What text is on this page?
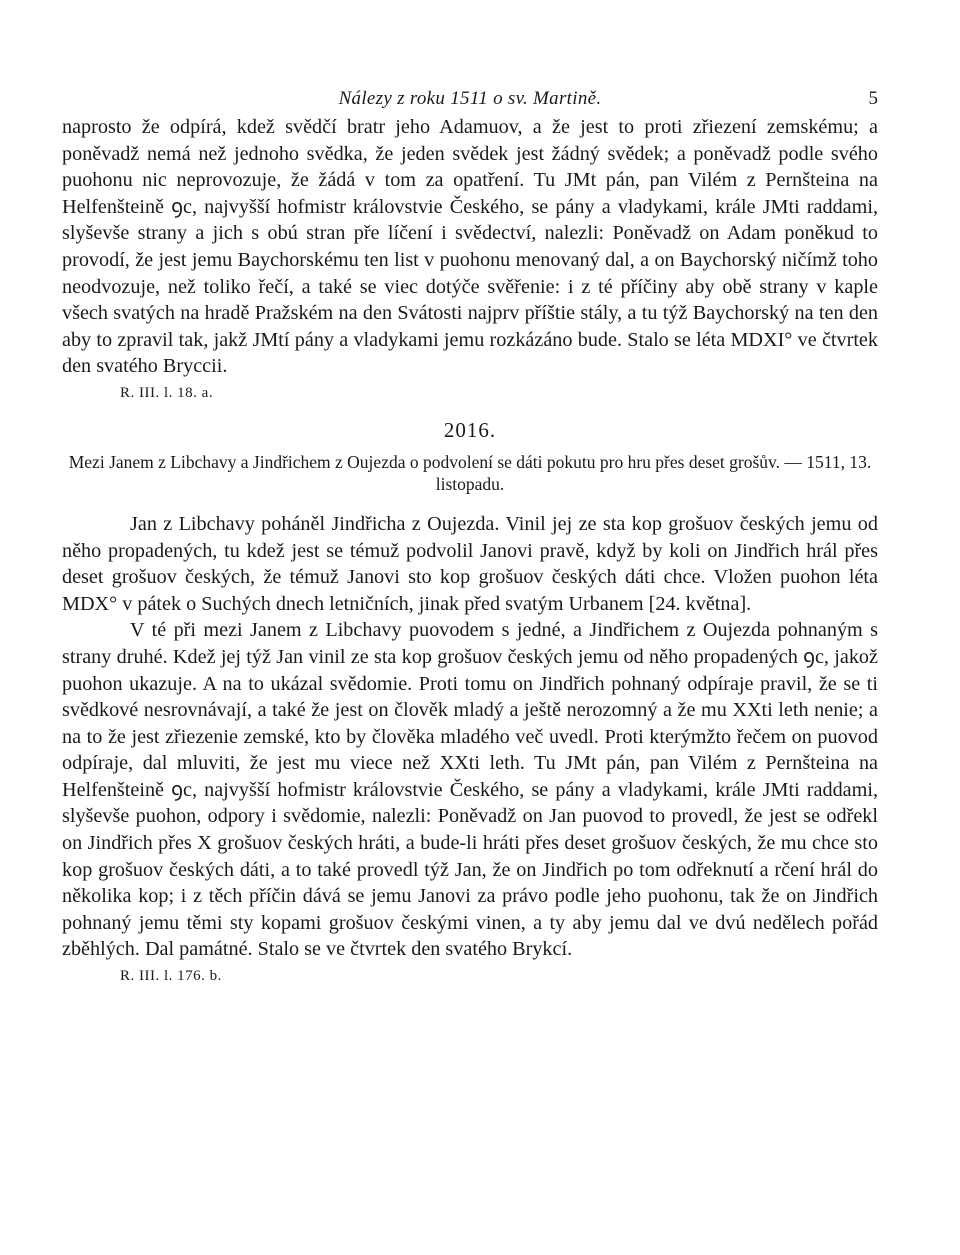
Nálezy z roku 1511 o sv. Martině.	5

naprosto že odpírá, kdež svědčí bratr jeho Adamuov, a že jest to proti zřiezení zemskému; a poněvadž nemá než jednoho svědka, že jeden svědek jest žádný svědek; a poněvadž podle svého puohonu nic neprovozuje, že žádá v tom za opatření. Tu JMt pán, pan Vilém z Pernšteina na Helfenšteině ꝯc, najvyšší hofmistr královstvie Českého, se pány a vladykami, krále JMti raddami, slyševše strany a jich s obú stran pře líčení i svědectví, nalezli: Poněvadž on Adam poněkud to provodí, že jest jemu Baychorskému ten list v puohonu menovaný dal, a on Baychorský ničímž toho neodvozuje, než toliko řečí, a také se viec dotýče svěřenie: i z té příčiny aby obě strany v kaple všech svatých na hradě Pražském na den Svátosti najprv příštie stály, a tu týž Baychorský na ten den aby to zpravil tak, jakž JMtí pány a vladykami jemu rozkázáno bude. Stalo se léta MDXI° ve čtvrtek den svatého Bryccii.

R. III. l. 18. a.
2016.
Mezi Janem z Libchavy a Jindřichem z Oujezda o podvolení se dáti pokutu pro hru přes deset grošův. — 1511, 13. listopadu.

Jan z Libchavy poháněl Jindřicha z Oujezda. Vinil jej ze sta kop grošuov českých jemu od něho propadených, tu kdež jest se témuž podvolil Janovi pravě, když by koli on Jindřich hrál přes deset grošuov českých, že témuž Janovi sto kop grošuov českých dáti chce. Vložen puohon léta MDX° v pátek o Suchých dnech letničních, jinak před svatým Urbanem [24. května].

V té při mezi Janem z Libchavy puovodem s jedné, a Jindřichem z Oujezda pohnaným s strany druhé. Kdež jej týž Jan vinil ze sta kop grošuov českých jemu od něho propadených ꝯc, jakož puohon ukazuje. A na to ukázal svědomie. Proti tomu on Jindřich pohnaný odpíraje pravil, že se ti svědkové nesrovnávají, a také že jest on člověk mladý a ještě nerozomný a že mu XXti leth nenie; a na to že jest zřiezenie zemské, kto by člověka mladého več uvedl. Proti kterýmžto řečem on puovod odpíraje, dal mluviti, že jest mu viece než XXti leth. Tu JMt pán, pan Vilém z Pernšteina na Helfenšteině ꝯc, najvyšší hofmistr královstvie Českého, se pány a vladykami, krále JMti raddami, slyševše puohon, odpory i svědomie, nalezli: Poněvadž on Jan puovod to provedl, že jest se odřekl on Jindřich přes X grošuov českých hráti, a bude-li hráti přes deset grošuov českých, že mu chce sto kop grošuov českých dáti, a to také provedl týž Jan, že on Jindřich po tom odřeknutí a rčení hrál do několika kop; i z těch příčin dává se jemu Janovi za právo podle jeho puohonu, tak že on Jindřich pohnaný jemu těmi sty kopami grošuov českými vinen, a ty aby jemu dal ve dvú nedělech pořád zběhlých. Dal památné. Stalo se ve čtvrtek den svatého Brykcí.

R. III. l. 176. b.
